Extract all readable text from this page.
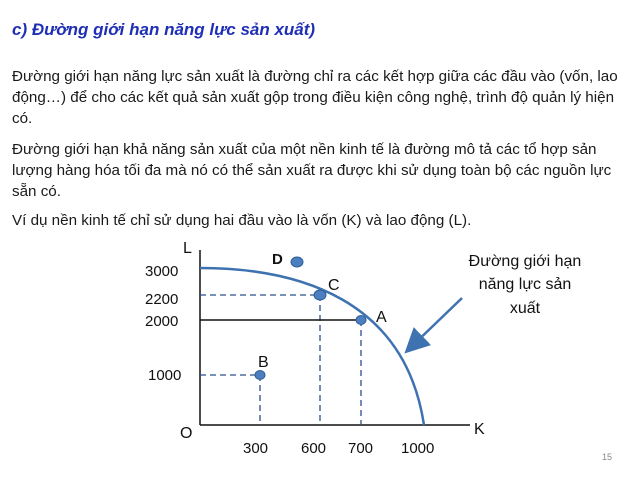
c) Đường giới hạn năng lực sản xuất)
Đường giới hạn năng lực sản xuất là đường chỉ ra các kết hợp giữa các đầu vào (vốn, lao động…) để cho các kết quả sản xuất gộp trong điều kiện công nghệ, trình độ quản lý hiện có.
Đường giới hạn khả năng sản xuất của một nền kinh tế là đường mô tả các tổ hợp sản lượng hàng hóa tối đa mà nó có thể sản xuất ra được khi sử dụng toàn bộ các nguồn lực sẵn có.
Ví dụ nền kinh tế chỉ sử dụng hai đầu vào là vốn (K) và lao động (L).
L
K
O
3000
2200
2000
1000
300 600 700 1000
D
C
A
B
Đường giới hạn
năng lực sản
xuất
15
